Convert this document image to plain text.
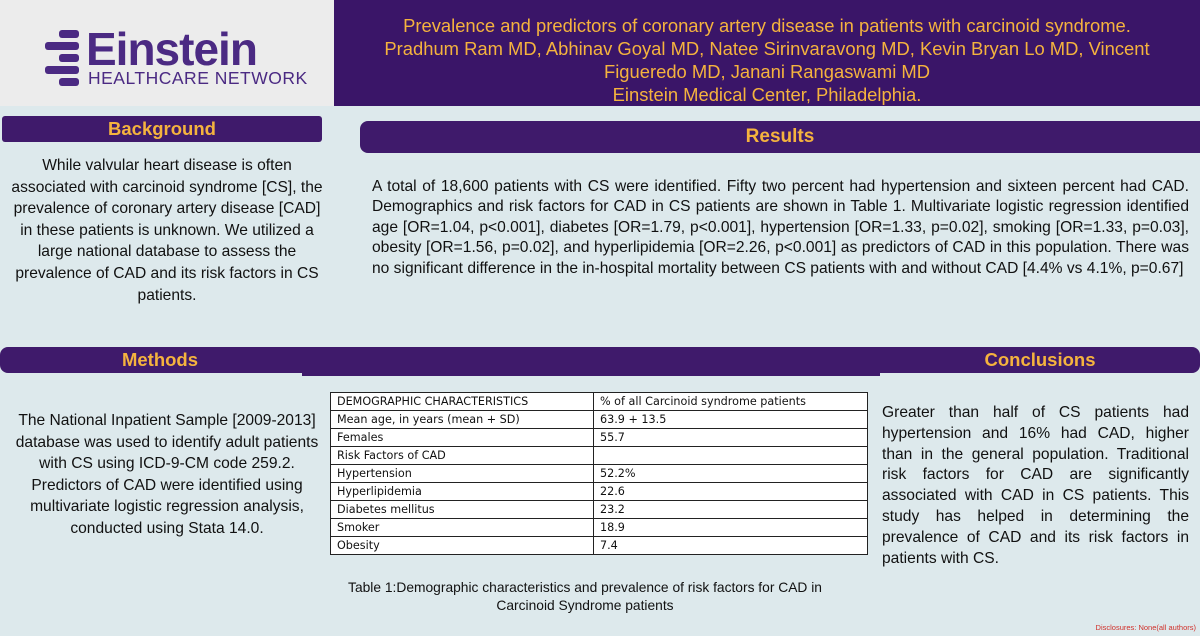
Einstein
HEALTHCARE NETWORK
Prevalence and predictors of coronary artery disease in patients with carcinoid syndrome.
Pradhum Ram MD, Abhinav Goyal MD, Natee Sirinvaravong MD, Kevin Bryan Lo MD, Vincent
Figueredo MD, Janani Rangaswami MD
Einstein Medical Center, Philadelphia.
Background
While valvular heart disease is often associated with carcinoid syndrome [CS], the prevalence of coronary artery disease [CAD] in these patients is unknown. We utilized a large national database to assess the prevalence of CAD and its risk factors in CS patients.
Results
A total of 18,600 patients with CS were identified. Fifty two percent had hypertension and sixteen percent had CAD. Demographics and risk factors for CAD in CS patients are shown in Table 1. Multivariate logistic regression identified age [OR=1.04, p<0.001], diabetes [OR=1.79, p<0.001], hypertension [OR=1.33, p=0.02], smoking [OR=1.33, p=0.03], obesity [OR=1.56, p=0.02], and hyperlipidemia [OR=2.26, p<0.001] as predictors of CAD in this population. There was no significant difference in the in-hospital mortality between CS patients with and without CAD [4.4% vs 4.1%, p=0.67]
Methods	Conclusions
The National Inpatient Sample [2009-2013] database was used to identify adult patients with CS using ICD-9-CM code 259.2. Predictors of CAD were identified using multivariate logistic regression analysis, conducted using Stata 14.0.
Greater than half of CS patients had hypertension and 16% had CAD, higher than in the general population. Traditional risk factors for CAD are significantly associated with CAD in CS patients. This study has helped in determining the prevalence of CAD and its risk factors in patients with CS.
DEMOGRAPHIC CHARACTERISTICS	% of all Carcinoid syndrome patients
Mean age, in years (mean + SD)	63.9 + 13.5
Females	55.7
Risk Factors of CAD	
Hypertension	52.2%
Hyperlipidemia	22.6
Diabetes mellitus	23.2
Smoker	18.9
Obesity	7.4
Table 1:Demographic characteristics and prevalence of risk factors for CAD in Carcinoid Syndrome patients
Disclosures: None(all authors)
